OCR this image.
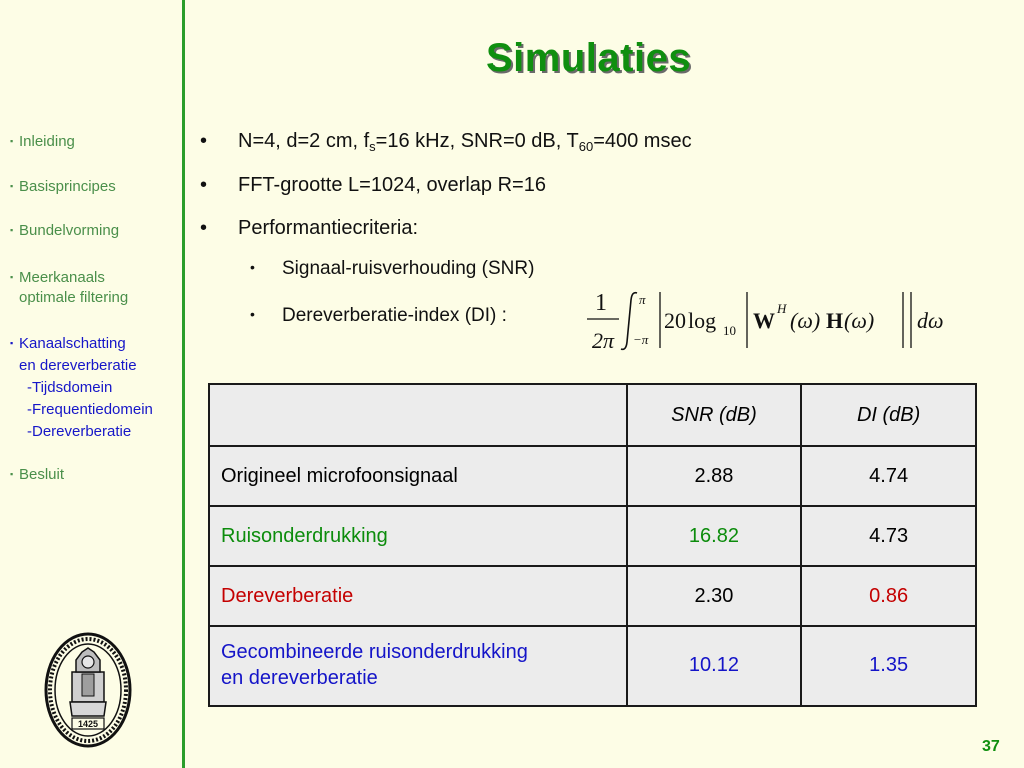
Simulaties
▪ Inleiding
▪ Basisprincipes
▪ Bundelvorming
▪ Meerkanaals
optimale filtering
▪ Kanaalschatting
en dereverberatie
-Tijdsdomein
-Frequentiedomein
-Dereverberatie
▪ Besluit
• N=4, d=2 cm, $f_s=16$ kHz, SNR=0 dB, $T_{60}=400$ msec
• FFT-grootte L=1024, overlap R=16
• Performantiecriteria:
• Signaal-ruisverhouding (SNR)
• Dereverberatie-index (DI) :	1
2π
π
−π
20 log 10 W H (ω) H (ω) dω
	SNR (dB)	DI (dB)
Origineel microfoonsignaal	2.88	4.74
Ruisonderdrukking	16.82	4.73
Dereverberatie	2.30	0.86
Gecombineerde ruisonderdrukking
en dereverberatie	10.12	1.35
1425
37
